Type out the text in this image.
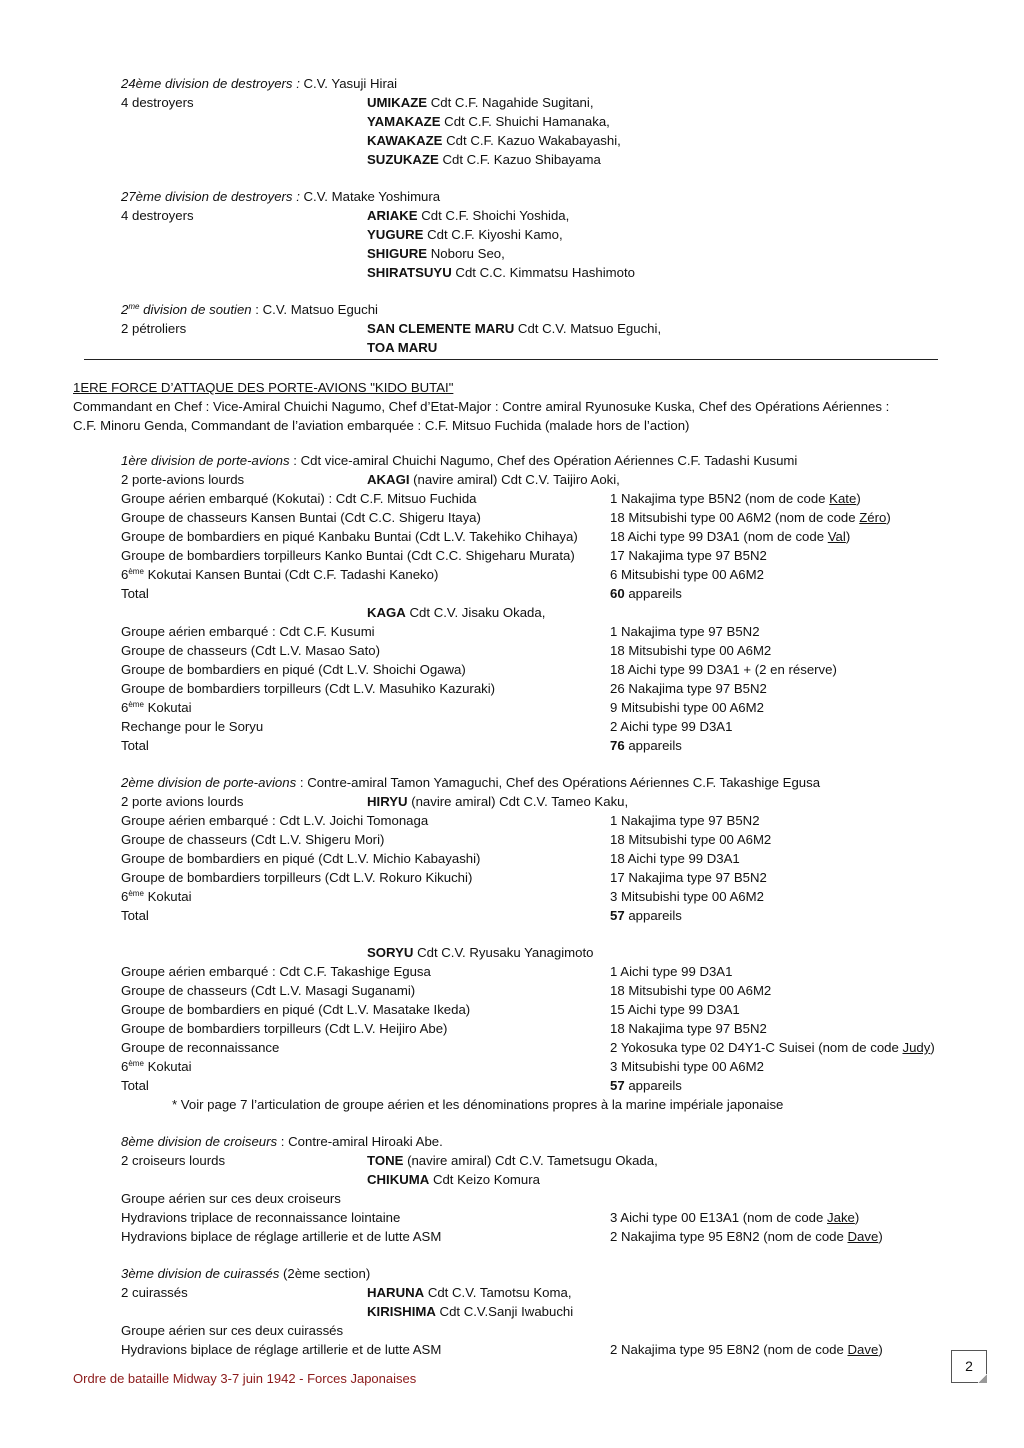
24ème division de destroyers : C.V. Yasuji Hirai
4 destroyers	UMIKAZE Cdt C.F. Nagahide Sugitani,
YAMAKAZE Cdt C.F. Shuichi Hamanaka,
KAWAKAZE Cdt C.F. Kazuo Wakabayashi,
SUZUKAZE Cdt C.F. Kazuo Shibayama
27ème division de destroyers : C.V. Matake Yoshimura
4 destroyers	ARIAKE Cdt C.F. Shoichi Yoshida,
YUGURE Cdt C.F. Kiyoshi Kamo,
SHIGURE Noboru Seo,
SHIRATSUYU Cdt C.C. Kimmatsu Hashimoto
$2^{me}$ division de soutien : C.V. Matsuo Eguchi
2 pétroliers	SAN CLEMENTE MARU Cdt C.V. Matsuo Eguchi,
TOA MARU
1ERE FORCE D’ATTAQUE DES PORTE-AVIONS "KIDO BUTAI"
Commandant en Chef : Vice-Amiral Chuichi Nagumo, Chef d’Etat-Major : Contre amiral Ryunosuke Kuska, Chef des Opérations Aériennes :
C.F. Minoru Genda, Commandant de l’aviation embarquée : C.F. Mitsuo Fuchida (malade hors de l’action)
1ère division de porte-avions : Cdt vice-amiral Chuichi Nagumo, Chef des Opération Aériennes C.F. Tadashi Kusumi
2 porte-avions lourds	AKAGI (navire amiral) Cdt C.V. Taijiro Aoki,
Groupe aérien embarqué (Kokutai) : Cdt C.F. Mitsuo Fuchida	1 Nakajima type B5N2 (nom de code Kate)
Groupe de chasseurs Kansen Buntai (Cdt C.C. Shigeru Itaya)	18 Mitsubishi type 00 A6M2 (nom de code Zéro)
Groupe de bombardiers en piqué Kanbaku Buntai (Cdt L.V. Takehiko Chihaya) 18 Aichi type 99 D3A1 (nom de code Val)
Groupe de bombardiers torpilleurs Kanko Buntai (Cdt C.C. Shigeharu Murata)	17 Nakajima type 97 B5N2
6ème Kokutai Kansen Buntai (Cdt C.F. Tadashi Kaneko)	6 Mitsubishi type 00 A6M2
Total	60 appareils
KAGA Cdt C.V. Jisaku Okada,
Groupe aérien embarqué : Cdt C.F. Kusumi	1 Nakajima type 97 B5N2
Groupe de chasseurs (Cdt L.V. Masao Sato)	18 Mitsubishi type 00 A6M2
Groupe de bombardiers en piqué (Cdt L.V. Shoichi Ogawa)	18 Aichi type 99 D3A1 + (2 en réserve)
Groupe de bombardiers torpilleurs (Cdt L.V. Masuhiko Kazuraki)	26 Nakajima type 97 B5N2
6ème Kokutai	9 Mitsubishi type 00 A6M2
Rechange pour le Soryu	2 Aichi type 99 D3A1
Total	76 appareils
2ème division de porte-avions : Contre-amiral Tamon Yamaguchi, Chef des Opérations Aériennes C.F. Takashige Egusa
2 porte avions lourds	HIRYU (navire amiral) Cdt C.V. Tameo Kaku,
Groupe aérien embarqué : Cdt L.V. Joichi Tomonaga	1 Nakajima type 97 B5N2
Groupe de chasseurs (Cdt L.V. Shigeru Mori)	18 Mitsubishi type 00 A6M2
Groupe de bombardiers en piqué (Cdt L.V. Michio Kabayashi)	18 Aichi type 99 D3A1
Groupe de bombardiers torpilleurs (Cdt L.V. Rokuro Kikuchi)	17 Nakajima type 97 B5N2
6ème Kokutai	3 Mitsubishi type 00 A6M2
Total	57 appareils
SORYU Cdt C.V. Ryusaku Yanagimoto
Groupe aérien embarqué : Cdt C.F. Takashige Egusa	1 Aichi type 99 D3A1
Groupe de chasseurs (Cdt L.V. Masagi Suganami)	18 Mitsubishi type 00 A6M2
Groupe de bombardiers en piqué (Cdt L.V. Masatake Ikeda)	15 Aichi type 99 D3A1
Groupe de bombardiers torpilleurs (Cdt L.V. Heijiro Abe)	18 Nakajima type 97 B5N2
Groupe de reconnaissance	2 Yokosuka type 02 D4Y1-C Suisei (nom de code Judy)
6ème Kokutai	3 Mitsubishi type 00 A6M2
Total	57 appareils
* Voir page 7 l’articulation de groupe aérien et les dénominations propres à la marine impériale japonaise
8ème division de croiseurs : Contre-amiral Hiroaki Abe.
2 croiseurs lourds	TONE (navire amiral) Cdt C.V. Tametsugu Okada,
CHIKUMA Cdt Keizo Komura
Groupe aérien sur ces deux croiseurs
Hydravions triplace de reconnaissance lointaine	3 Aichi type 00 E13A1 (nom de code Jake)
Hydravions biplace de réglage artillerie et de lutte ASM	2 Nakajima type 95 E8N2 (nom de code Dave)
3ème division de cuirassés (2ème section)
2 cuirassés	HARUNA Cdt C.V. Tamotsu Koma,
KIRISHIMA Cdt C.V.Sanji Iwabuchi
Groupe aérien sur ces deux cuirassés
Hydravions biplace de réglage artillerie et de lutte ASM	2 Nakajima type 95 E8N2 (nom de code Dave)
Ordre de bataille Midway 3-7 juin 1942 - Forces Japonaises
2
